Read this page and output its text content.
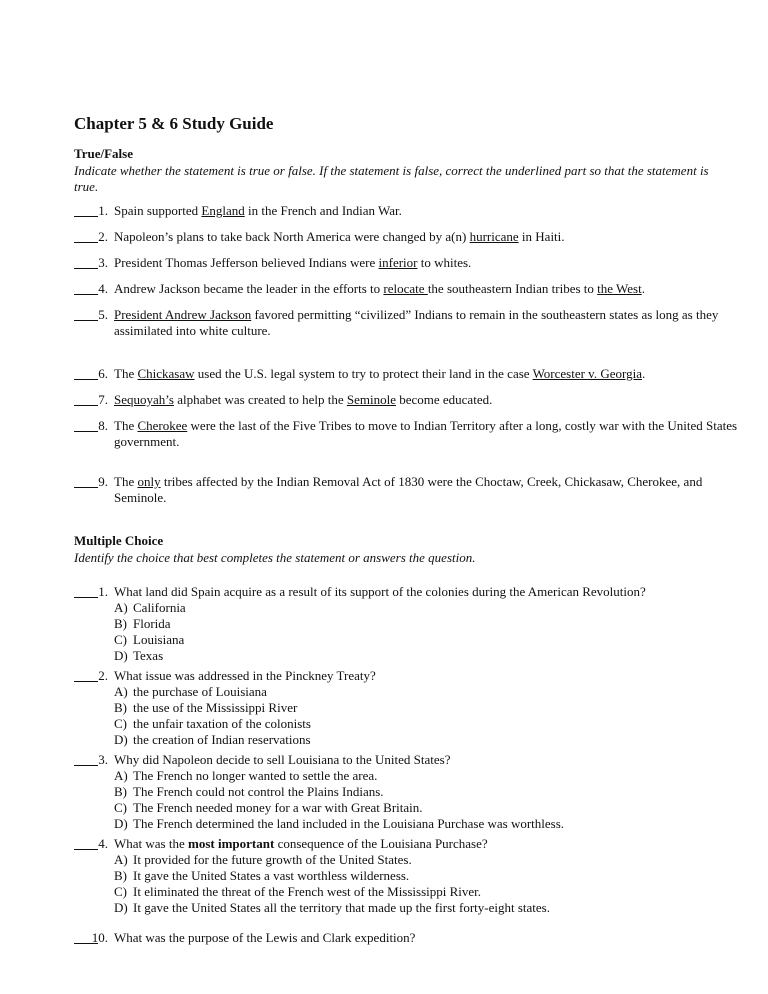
Chapter 5 & 6 Study Guide
True/False
Indicate whether the statement is true or false. If the statement is false, correct the underlined part so that the statement is true.
1. Spain supported England in the French and Indian War.
2. Napoleon’s plans to take back North America were changed by a(n) hurricane in Haiti.
3. President Thomas Jefferson believed Indians were inferior to whites.
4. Andrew Jackson became the leader in the efforts to relocate the southeastern Indian tribes to the West.
5. President Andrew Jackson favored permitting “civilized” Indians to remain in the southeastern states as long as they assimilated into white culture.
6. The Chickasaw used the U.S. legal system to try to protect their land in the case Worcester v. Georgia.
7. Sequoyah’s alphabet was created to help the Seminole become educated.
8. The Cherokee were the last of the Five Tribes to move to Indian Territory after a long, costly war with the United States government.
9. The only tribes affected by the Indian Removal Act of 1830 were the Choctaw, Creek, Chickasaw, Cherokee, and Seminole.
Multiple Choice
Identify the choice that best completes the statement or answers the question.
1. What land did Spain acquire as a result of its support of the colonies during the American Revolution?
A) California
B) Florida
C) Louisiana
D) Texas
2. What issue was addressed in the Pinckney Treaty?
A) the purchase of Louisiana
B) the use of the Mississippi River
C) the unfair taxation of the colonists
D) the creation of Indian reservations
3. Why did Napoleon decide to sell Louisiana to the United States?
A) The French no longer wanted to settle the area.
B) The French could not control the Plains Indians.
C) The French needed money for a war with Great Britain.
D) The French determined the land included in the Louisiana Purchase was worthless.
4. What was the most important consequence of the Louisiana Purchase?
A) It provided for the future growth of the United States.
B) It gave the United States a vast worthless wilderness.
C) It eliminated the threat of the French west of the Mississippi River.
D) It gave the United States all the territory that made up the first forty-eight states.
10. What was the purpose of the Lewis and Clark expedition?
